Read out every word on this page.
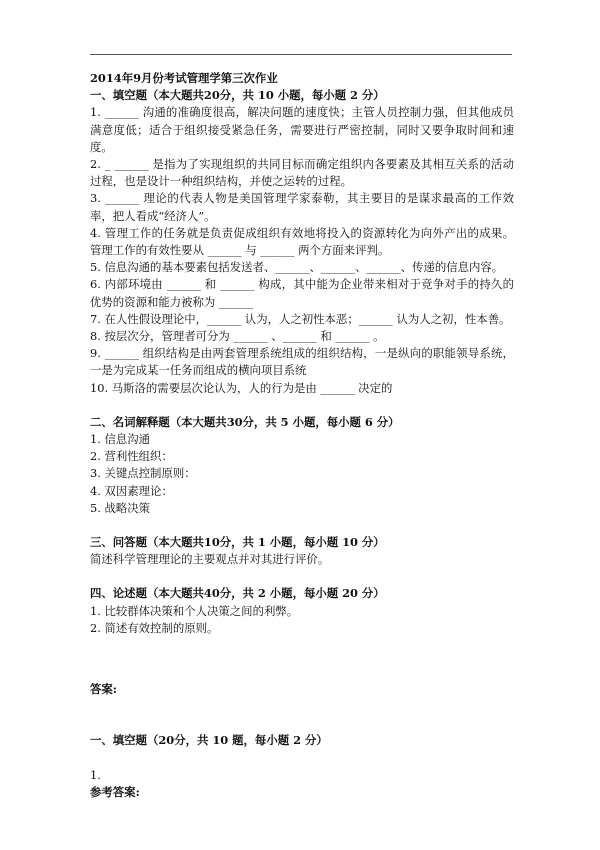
2014年9月份考试管理学第三次作业

一、填空题（本大题共20分，共 10 小题，每小题 2 分）

1. ______ 沟通的准确度很高，解决问题的速度快；主管人员控制力强，但其他成员满意度低；适合于组织接受紧急任务，需要进行严密控制，同时又要争取时间和速度。

2. _ ______ 是指为了实现组织的共同目标而确定组织内各要素及其相互关系的活动过程，也是设计一种组织结构，并使之运转的过程。

3. ______ 理论的代表人物是美国管理学家泰勒，其主要目的是谋求最高的工作效率，把人看成“经济人”。

4. 管理工作的任务就是负责促成组织有效地将投入的资源转化为向外产出的成果。管理工作的有效性要从 ______ 与 ______ 两个方面来评判。

5. 信息沟通的基本要素包括发送者、______、______、______、传递的信息内容。

6. 内部环境由 ______ 和 ______ 构成，其中能为企业带来相对于竞争对手的持久的优势的资源和能力被称为 ______

7. 在人性假设理论中，______ 认为，人之初性本恶；______ 认为人之初，性本善。

8. 按层次分，管理者可分为 ______ 、______ 和 ______ 。

9. ______ 组织结构是由两套管理系统组成的组织结构，一是纵向的职能领导系统，一是为完成某一任务而组成的横向项目系统

10. 马斯洛的需要层次论认为，人的行为是由 ______ 决定的

二、名词解释题（本大题共30分，共 5 小题，每小题 6 分）

1. 信息沟通

2. 营利性组织：

3. 关键点控制原则：

4. 双因素理论：

5. 战略决策

三、问答题（本大题共10分，共 1 小题，每小题 10 分）

简述科学管理理论的主要观点并对其进行评价。

四、论述题（本大题共40分，共 2 小题，每小题 20 分）

1. 比较群体决策和个人决策之间的利弊。

2. 简述有效控制的原则。

答案:

一、填空题（20分，共 10 题，每小题 2 分）

1.

参考答案:
